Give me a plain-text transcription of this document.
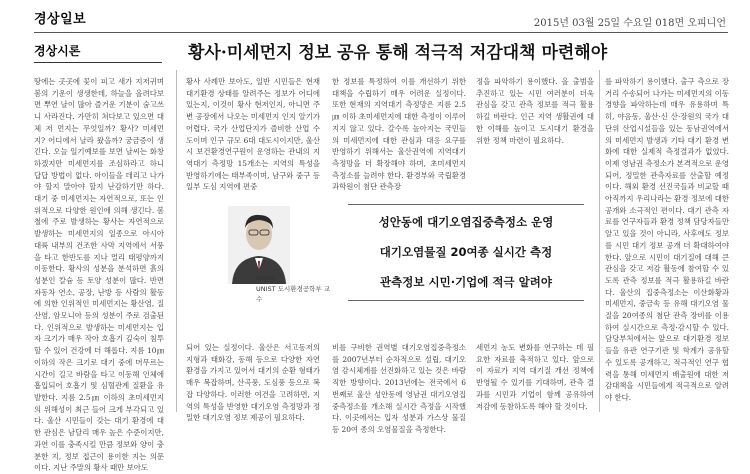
경상일보	2015년 03월 25일 수요일 018면 오피니언
경상시론	황사·미세먼지 정보 공유 통해 적극적 저감대책 마련해야
땅에는 곳곳에 꽃이 피고 새가 지저귀며 봄의 기운이 생생한데, 하늘을 올려다보면 뿌연 날이 많아 즐거운 기분이 숨고쓰니 사라진다. 가만히 쳐다보고 있으면 대체 저 먼지는 무엇일까? 황사? 미세먼지? 어디에서 날라 왔을까? 궁금증이 생긴다. 오늘 일기예보를 보면 날씨는 화창하겠지만 미세먼지를 조심하라고 하니 답답 방법이 없다. 아이들을 데리고 나가야 할지 말아야 할지 난감하기만 하다. 대기 중 미세먼지는 자연적으로, 또는 인위적으로 다양한 원인에 의해 생긴다. 봄철에 주로 발생하는 황사는 자연적으로 발생하는 미세먼지의 일종으로 아시아 대륙 내부의 건조한 사막 지역에서 서풍을 타고 한반도를 지나 멀리 태평양까지 이동한다. 황사의 성분을 분석하면 흙의 성분인 칼슘 등 토양 성분이 많다. 반면 자동차 연소, 공장, 난방 등 사람의 활동에 의한 인위적인 미세먼지는 황산염, 질산염, 암모니아 등의 성분이 주로 검출된다. 인위적으로 발생하는 미세먼지는 입자 크기가 매우 작아 호흡기 깊숙이 침투할 수 있어 건강에 더 해롭다. 지름 10㎛ 이하의 작은 크기로 대기 중에 머무르는 시간이 길고 바람을 타고 이동해 인체에 흡입되어 호흡기 및 심혈관계 질환을 유발한다. 지름 2.5㎛ 이하의 초미세먼지의 위해성이 최근 들어 크게 부각되고 있다. 울산 시민들이 갖는 대기 환경에 대한 관심은 남달리 매우 높은 수준이지만, 과연 이를 충족시킬 만큼 정보와 양이 충분한 지, 정보 접근이 용이한 지는 의문이다. 지난 주말의 황사 때만 보아도
황사 사례만 보아도, 일반 시민들은 현재 대기환경 상태를 알려주는 정보가 어디에 있는지, 이것이 황사 현저인지, 아니면 주변 공장에서 나오는 미세먼지 인지 알기가 어렵다. 국가 산업단지가 즐비한 산업 수도이며 인구 규모 6대 대도시이지만, 울산시 보건환경연구원이 운영하는 관내의 지역대기 측정망 15개소는 지역의 특성을 반영하기에는 태부족이며, 남구와 중구 등 일부 도심 지역에 편중
한 정보를 특정하여 이를 개선하기 위한 대책을 수립하기 매우 어려운 실정이다. 또한 현재의 지역대기 측정망은 지름 2.5㎛ 이하 초미세먼지에 대한 측정이 이루어지지 않고 있다. 갈수록 높아지는 국민들의 미세먼지에 대한 관심과 대응 요구를 반영하기 위해서는 울산권역에 지역대기 측정망을 더 확장해야 하며, 초미세먼지 측정소를 늘려야 한다. 환경부와 국립환경과학원이 첨단 관측장
정을 파악하기 용이했다. 올 출범을 추진하고 있는 시민 여러분이 더욱 관심을 갖고 관측 정보를 적극 활용하길 바란다. 인근 지역 생활권에 대한 이해를 높이고 도시대기 환경을 위한 정책 마련이 필요하다.
를 파악하기 용이했다. 출구 측으로 장거리 수송되어 나가는 미세먼지의 이동 경향을 파악하는데 매우 유용하며 특히, 야음동, 울산·신 산·장원의 국가 대단위 산업시설들을 있는 동남권역에서의 미세먼지 발생과 기타 대기 환경 변화에 대한 실제적 측정결과가 없었다. 이제 영남권 측정소가 본격적으로 운영되어, 정밀한 관측자료를 산출할 예정이다. 해외 환경 선진국들과 비교할 때 아직까지 우리나라는 환경 정보에 대한 공개와 소극적인 편이다. 대기 관측 자료를 연구자들과 환경 정책 담당자들만 알고 있을 것이 아니라, 사후에도 정보를 시민 대기 정보 공개 더 확대하여야 한다. 앞으로 시민이 대기질에 대해 큰 관심을 갖고 저감 활동에 참여할 수 있도록 관측 정보를 적극 활용하길 바란다. 울산의 집중측정소는 이산화황과 미세먼지, 중금속 등 유해 대기오염 물질을 20여종의 첨단 관측 장비를 이용하여 실시간으로 측정·감시할 수 있다. 담당부처에서는 앞으로 대기환경 정보들을 유관 연구기관 및 학계가 공유할 수 있도록 공개하고, 적극적인 연구 협력을 통해 미세먼지 배출원에 대한 저감대책을 시민들에게 적극적으로 알려야 한다.
이영안
UNIST 도시환경공학부 교수
성안동에 대기오염집중측정소 운영
대기오염물질 20여종 실시간 측정
관측정보 시민·기업에 적극 알려야
되어 있는 실정이다. 울산은 서고동저의 지형과 태화강, 동해 등으로 다양한 자연 환경을 가지고 있어서 대기의 순환 형태가 매우 복잡하며, 산곡풍, 도심풍 등으로 복잡 다양하다. 이러한 여건을 고려하면, 지역의 특성을 반영한 대기오염 측정망과 정밀한 대기오염 정보 제공이 필요하다.
비를 구비한 권역별 대기오염집중측정소를 2007년부터 순차적으로 설립, 대기오염 감시체계를 선진화하고 있는 것은 바람직한 방향이다. 2013년에는 전국에서 6번째로 울산 성안동에 영남권 대기오염집중측정소를 개소해 실시간 측정을 시작했다. 이곳에서는 입자 성분과 가스상 물질 등 20여 종의 오염물질을 측정한다.
세먼지 농도 변화를 연구하는 데 필요한 자료를 축적하고 있다. 앞으로 이 자료가 지역 대기질 개선 정책에 반영될 수 있기를 기대하며, 관측 결과를 시민과 기업이 함께 공유하여 저감에 동참하도록 해야 할 것이다.
